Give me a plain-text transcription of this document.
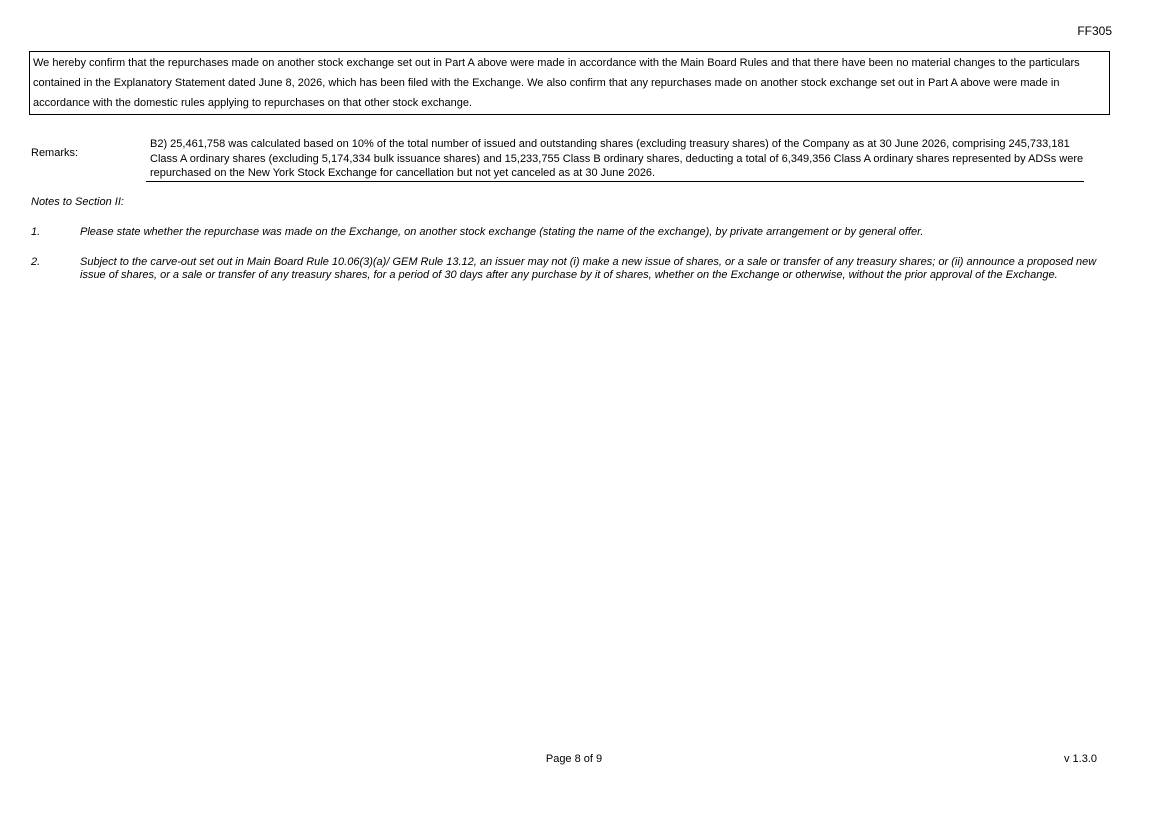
FF305
We hereby confirm that the repurchases made on another stock exchange set out in Part A above were made in accordance with the Main Board Rules and that there have been no material changes to the particulars contained in the Explanatory Statement dated June 8, 2026, which has been filed with the Exchange. We also confirm that any repurchases made on another stock exchange set out in Part A above were made in accordance with the domestic rules applying to repurchases on that other stock exchange.
Remarks:
B2) 25,461,758 was calculated based on 10% of the total number of issued and outstanding shares (excluding treasury shares) of the Company as at 30 June 2026, comprising 245,733,181 Class A ordinary shares (excluding 5,174,334 bulk issuance shares) and 15,233,755 Class B ordinary shares, deducting a total of 6,349,356 Class A ordinary shares represented by ADSs were repurchased on the New York Stock Exchange for cancellation but not yet canceled as at 30 June 2026.
Notes to Section II:
1.	Please state whether the repurchase was made on the Exchange, on another stock exchange (stating the name of the exchange), by private arrangement or by general offer.
2.	Subject to the carve-out set out in Main Board Rule 10.06(3)(a)/ GEM Rule 13.12, an issuer may not (i) make a new issue of shares, or a sale or transfer of any treasury shares; or (ii) announce a proposed new issue of shares, or a sale or transfer of any treasury shares, for a period of 30 days after any purchase by it of shares, whether on the Exchange or otherwise, without the prior approval of the Exchange.
Page 8 of 9	v 1.3.0
